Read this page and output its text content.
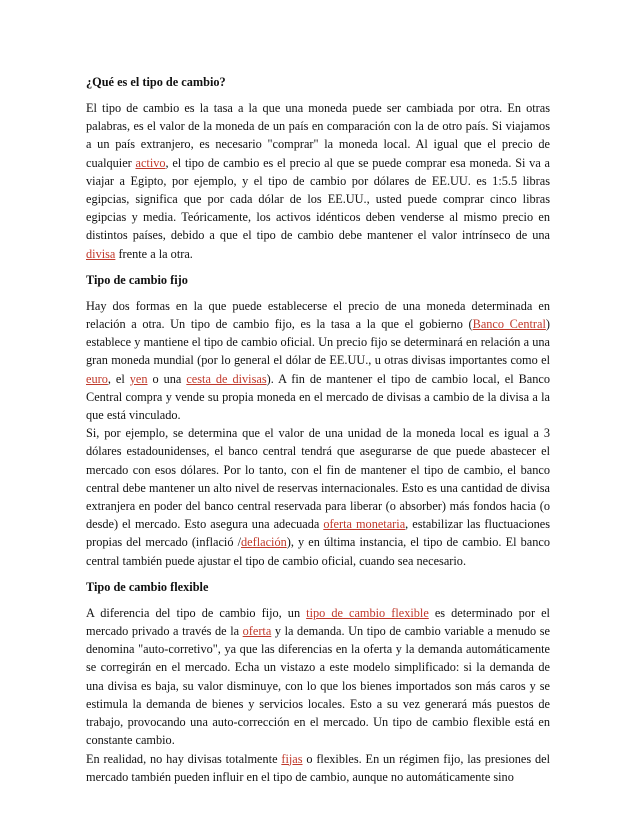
¿Qué es el tipo de cambio?

El tipo de cambio es la tasa a la que una moneda puede ser cambiada por otra. En otras palabras, es el valor de la moneda de un país en comparación con la de otro país. Si viajamos a un país extranjero, es necesario "comprar" la moneda local. Al igual que el precio de cualquier activo, el tipo de cambio es el precio al que se puede comprar esa moneda. Si va a viajar a Egipto, por ejemplo, y el tipo de cambio por dólares de EE.UU. es 1:5.5 libras egipcias, significa que por cada dólar de los EE.UU., usted puede comprar cinco libras egipcias y media. Teóricamente, los activos idénticos deben venderse al mismo precio en distintos países, debido a que el tipo de cambio debe mantener el valor intrínseco de una divisa frente a la otra.

Tipo de cambio fijo

Hay dos formas en la que puede establecerse el precio de una moneda determinada en relación a otra. Un tipo de cambio fijo, es la tasa a la que el gobierno (Banco Central) establece y mantiene el tipo de cambio oficial. Un precio fijo se determinará en relación a una gran moneda mundial (por lo general el dólar de EE.UU., u otras divisas importantes como el euro, el yen o una cesta de divisas). A fin de mantener el tipo de cambio local, el Banco Central compra y vende su propia moneda en el mercado de divisas a cambio de la divisa a la que está vinculado.

Si, por ejemplo, se determina que el valor de una unidad de la moneda local es igual a 3 dólares estadounidenses, el banco central tendrá que asegurarse de que puede abastecer el mercado con esos dólares. Por lo tanto, con el fin de mantener el tipo de cambio, el banco central debe mantener un alto nivel de reservas internacionales. Esto es una cantidad de divisa extranjera en poder del banco central reservada para liberar (o absorber) más fondos hacia (o desde) el mercado. Esto asegura una adecuada oferta monetaria, estabilizar las fluctuaciones propias del mercado (inflació /deflación), y en última instancia, el tipo de cambio. El banco central también puede ajustar el tipo de cambio oficial, cuando sea necesario.

Tipo de cambio flexible

A diferencia del tipo de cambio fijo, un tipo de cambio flexible es determinado por el mercado privado a través de la oferta y la demanda. Un tipo de cambio variable a menudo se denomina "auto-corretivo", ya que las diferencias en la oferta y la demanda automáticamente se corregirán en el mercado. Echa un vistazo a este modelo simplificado: si la demanda de una divisa es baja, su valor disminuye, con lo que los bienes importados son más caros y se estimula la demanda de bienes y servicios locales. Esto a su vez generará más puestos de trabajo, provocando una auto-corrección en el mercado. Un tipo de cambio flexible está en constante cambio.

En realidad, no hay divisas totalmente fijas o flexibles. En un régimen fijo, las presiones del mercado también pueden influir en el tipo de cambio, aunque no automáticamente sino
